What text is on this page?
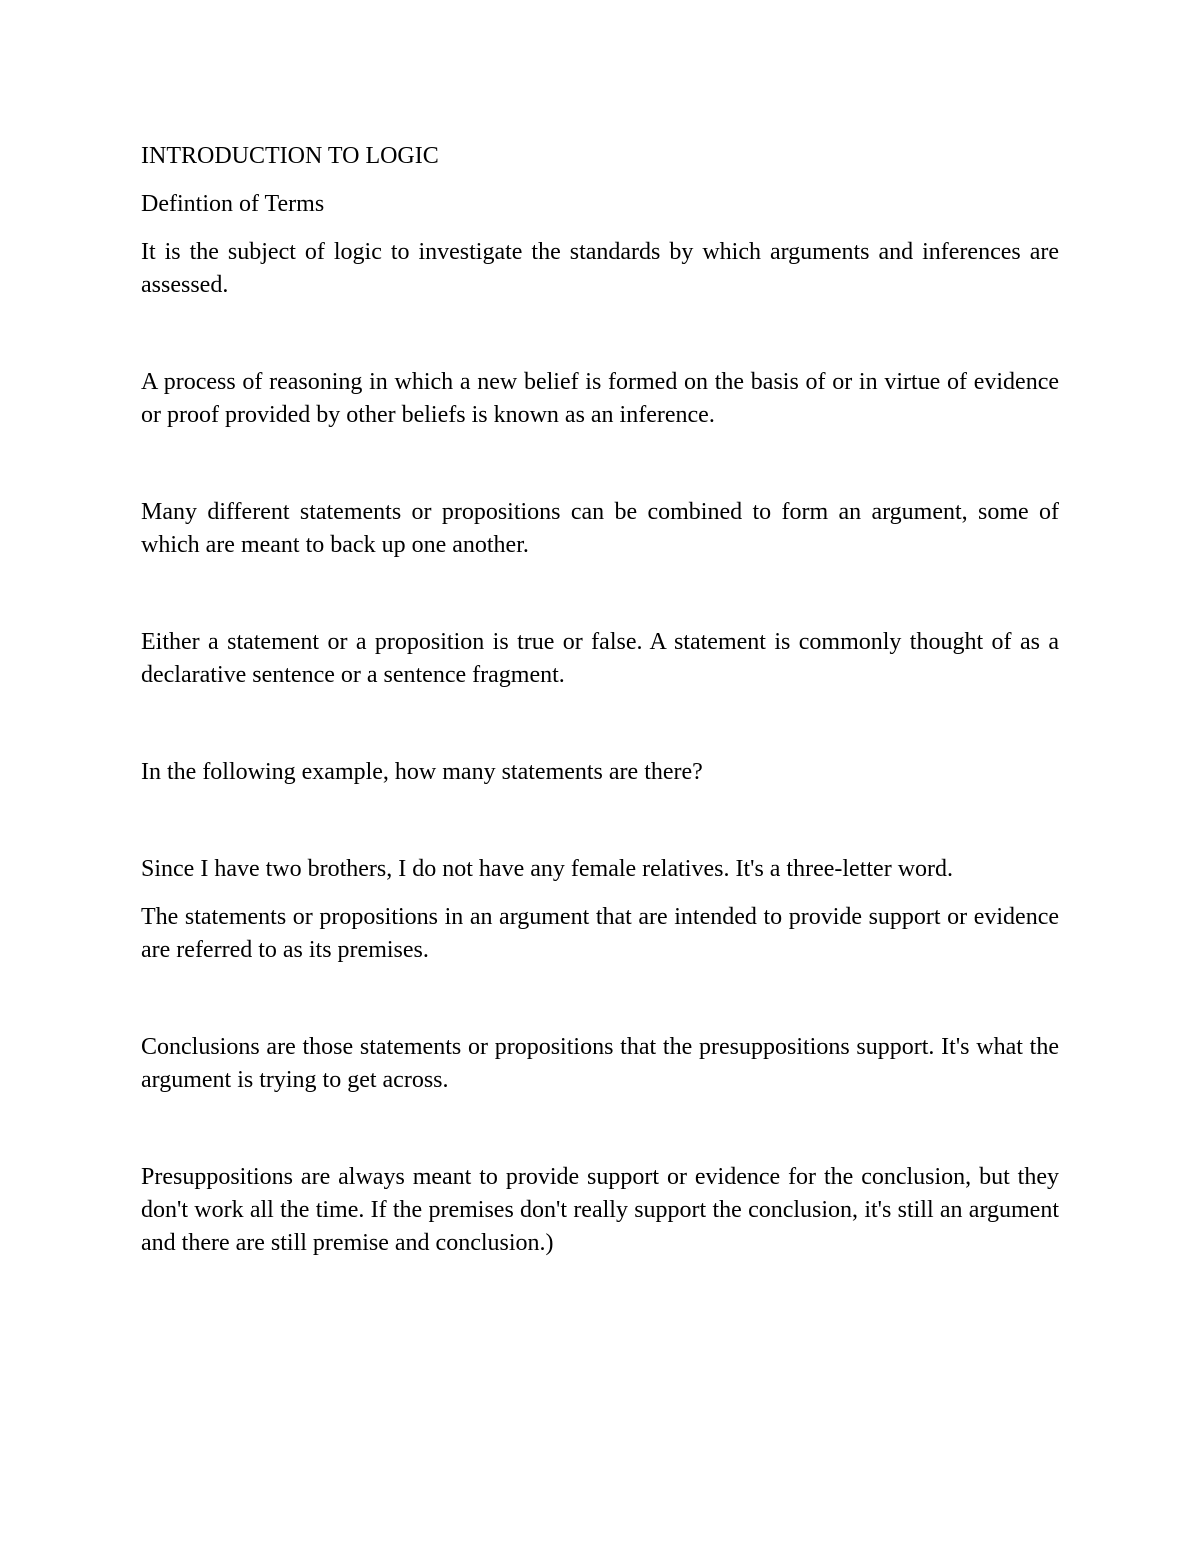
INTRODUCTION TO LOGIC

Defintion of Terms

It is the subject of logic to investigate the standards by which arguments and inferences are assessed.

A process of reasoning in which a new belief is formed on the basis of or in virtue of evidence or proof provided by other beliefs is known as an inference.

Many different statements or propositions can be combined to form an argument, some of which are meant to back up one another.

Either a statement or a proposition is true or false. A statement is commonly thought of as a declarative sentence or a sentence fragment.

In the following example, how many statements are there?

Since I have two brothers, I do not have any female relatives. It's a three-letter word.

The statements or propositions in an argument that are intended to provide support or evidence are referred to as its premises.

Conclusions are those statements or propositions that the presuppositions support. It's what the argument is trying to get across.

Presuppositions are always meant to provide support or evidence for the conclusion, but they don't work all the time. If the premises don't really support the conclusion, it's still an argument and there are still premise and conclusion.)
